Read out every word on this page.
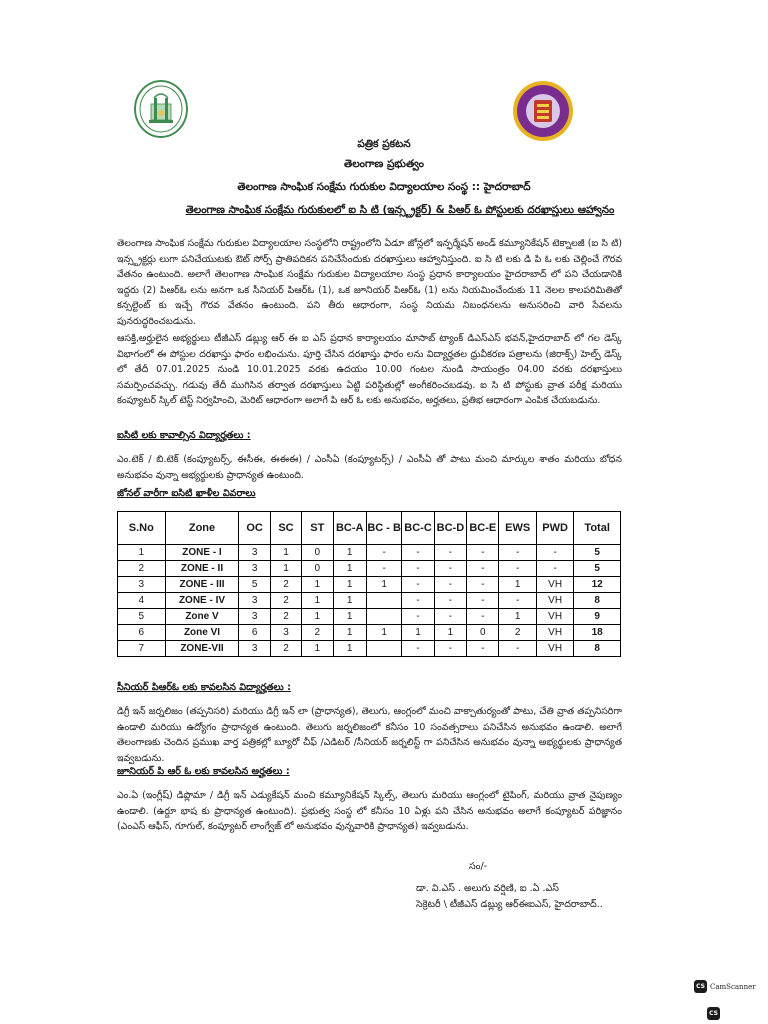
పత్రిక ప్రకటన
తెలంగాణ ప్రభుత్వం
తెలంగాణ సాంఘిక సంక్షేమ గురుకుల విద్యాలయాల సంస్థ :: హైదరాబాద్
తెలంగాణ సాంఘిక సంక్షేమ గురుకులలో ఐ సి టి (ఇన్స్ట్రక్టర్) & పిఆర్ ఓ పోస్టులకు దరఖాస్తులు ఆహ్వానం
తెలంగాణ సాంఘిక సంక్షేమ గురుకుల విద్యాలయాల సంస్థలోని రాష్ట్రంలోని ఏడూ జోన్లలో ఇన్ఫర్మేషన్ అండ్ కమ్యూనికేషన్ టెక్నాలజీ (ఐ సి టి) ఇన్స్ట్రక్టర్లు లుగా పనిచేయుటకు ఔట్ సోర్స్ ప్రాతిపదికన పనిచేసేందుకు దరఖాస్తులు ఆహ్వానిస్తుంది. ఐ సి టి లకు డి పి ఓ లకు చెల్లించే గౌరవ వేతనం ఉంటుంది. అలాగే తెలంగాణ సాంఘిక సంక్షేమ గురుకుల విద్యాలయాల సంస్థ ప్రధాన కార్యాలయం హైదరాబాద్ లో పని చేయడానికి ఇద్దరు (2) పిఆర్ఓ లను అనగా ఒక సీనియర్ పిఆర్ఓ (1), ఒక జూనియర్ పిఆర్ఓ (1) లను నియమించేందుకు 11 నెలల కాలపరిమితితో కన్సల్టెంట్ కు ఇచ్చే గౌరవ వేతనం ఉంటుంది. పని తీరు ఆధారంగా, సంస్థ నియమ నిబంధనలను అనుసరించి వారి సేవలను పునరుద్ధరించబడును.
ఆసక్తి,అర్హులైన అభ్యర్థులు టీజీఎస్ డబ్ల్యు ఆర్ ఈ ఐ ఎస్ ప్రధాన కార్యాలయం మాసాబ్ ట్యాంక్ డిఎస్ఎస్ భవన్,హైదరాబాద్ లో గల డెస్క్ విభాగంలో ఈ పోస్టుల దరఖాస్తు ఫారం లభించును. పూర్తి చేసిన దరఖాస్తు ఫారం లను విద్యార్హతల ధ్రువీకరణ పత్రాలను (జిరాక్స్) హెల్ప్ డెస్క్ లో తేదీ 07.01.2025 నుండి 10.01.2025 వరకు ఉదయం 10.00 గంటల నుండి సాయంత్రం 04.00 వరకు దరఖాస్తులు సమర్పించవచ్చు. గడువు తేదీ ముగిసిన తర్వాత దరఖాస్తులు ఏట్టి పరిస్థితుల్లో అంగీకరించబడవు. ఐ సి టి పోస్టుకు వ్రాత పరీక్ష మరియు కంప్యూటర్ స్కిల్ టెస్ట్ నిర్వహించి, మెరిట్ ఆధారంగా అలాగే పి ఆర్ ఓ లకు అనుభవం, అర్హతలు, ప్రతిభ ఆధారంగా ఎంపిక చేయబడును.
ఐసిటి లకు కావాల్సిన విద్యార్హతలు :
ఎం.టెక్ / బి.టెక్ (కంప్యూటర్స్, ఈసీఈ, ఈఈఈ) / ఎంసీఏ (కంప్యూటర్స్) / ఎంసీఏ తో పాటు మంచి మార్కుల శాతం మరియు బోధన అనుభవం వున్నా అభ్యర్థులకు ప్రాధాన్యత ఉంటుంది.
జోనల్ వారీగా ఐసిటి ఖాళీల వివరాలు
S.No	Zone	OC	SC	ST	BC-A	BC - B	BC-C	BC-D	BC-E	EWS	PWD	Total
1	ZONE - I	3	1	0	1	-	-	-	-	-	-	5
2	ZONE - II	3	1	0	1	-	-	-	-	-	-	5
3	ZONE - III	5	2	1	1	1	-	-	-	1	VH	12
4	ZONE - IV	3	2	1	1		-	-	-	-	VH	8
5	Zone V	3	2	1	1		-	-	-	1	VH	9
6	Zone VI	6	3	2	1	1	1	1	0	2	VH	18
7	ZONE-VII	3	2	1	1		-	-	-	-	VH	8
సీనియర్ పిఆర్ఓ లకు కావలసిన విద్యార్హతలు :
డిగ్రీ ఇన్ జర్నలిజం (తప్పనిసరి) మరియు డిగ్రీ ఇన్ లా (ప్రాధాన్యత), తెలుగు, ఆంగ్లంలో మంచి వాక్చాతుర్యంతో పాటు, చేతి వ్రాత తప్పనిసరిగా ఉండాలి మరియు ఉద్యోగం ప్రాధాన్యత ఉంటుంది. తెలుగు జర్నలిజంలో కనీసం 10 సంవత్సరాలు పనిచేసిన అనుభవం ఉండాలి. అలాగే తెలంగాణకు చెందిన ప్రముఖ వార్త పత్రికల్లో బ్యూరో చీఫ్ /ఎడిటర్ /సీనియర్ జర్నలిస్ట్ గా పనిచేసిన అనుభవం వున్నా అభ్యర్థులకు ప్రాధాన్యత ఇవ్వబడును.
జూనియర్ పి ఆర్ ఓ లకు కావలసిన అర్హతలు :
ఎం.ఏ (ఇంగ్లీష్) డిప్లొమా / డిగ్రీ ఇన్ ఎడ్యుకేషన్ మంచి కమ్యూనికేషన్ స్కిల్స్, తెలుగు మరియు ఆంగ్లంలో టైపింగ్, మరియు వ్రాత నైపుణ్యం ఉండాలి. (ఉర్దూ భాష కు ప్రాధాన్యత ఉంటుంది). ప్రభుత్వ సంస్థ లో కనీసం 10 ఏళ్లు పని చేసిన అనుభవం అలాగే కంప్యూటర్ పరిజ్ఞానం (ఎంఎస్ ఆఫీస్, గూగుల్, కంప్యూటర్ లాంగ్వేజ్ లో అనుభవం వున్నవారికి ప్రాధాన్యత) ఇవ్వబడును.
సం/-
డా. వి.ఎస్ . అలుగు వర్షిణి, ఐ .ఏ .ఎస్
సెక్రెటరీ \ టీజీఎస్ డబ్ల్యు ఆర్ఈఐఎస్, హైదరాబాద్..
CS CamScanner
CS
